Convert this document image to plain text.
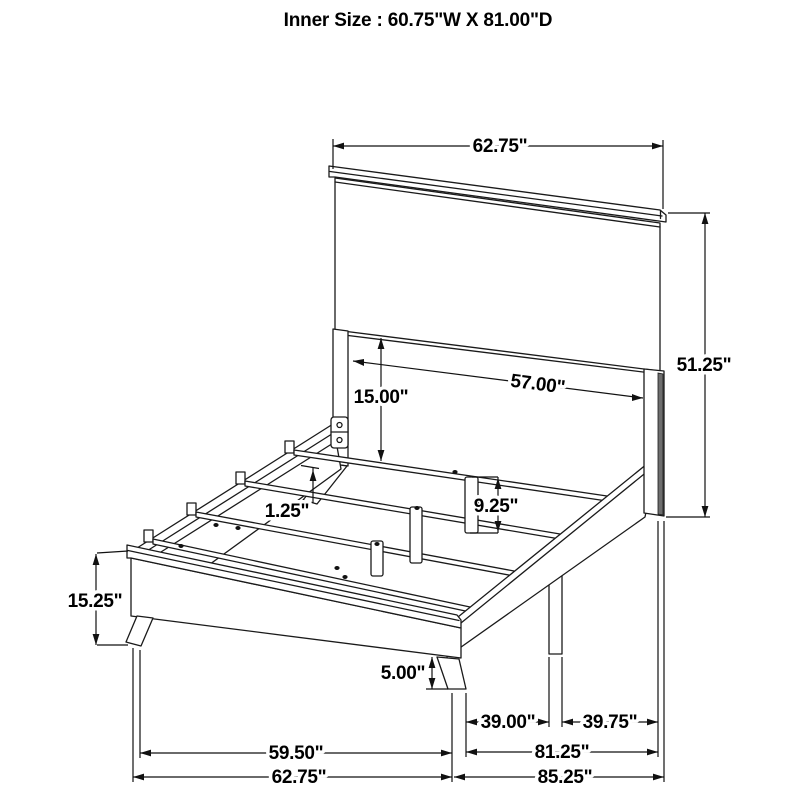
Inner Size : 60.75"W X 81.00"D
62.75"
51.25"
57.00"
15.00"
1.25"	9.25"
15.25"
5.00"
39.00" 39.75"
81.25"
59.50"
62.75"	85.25"
